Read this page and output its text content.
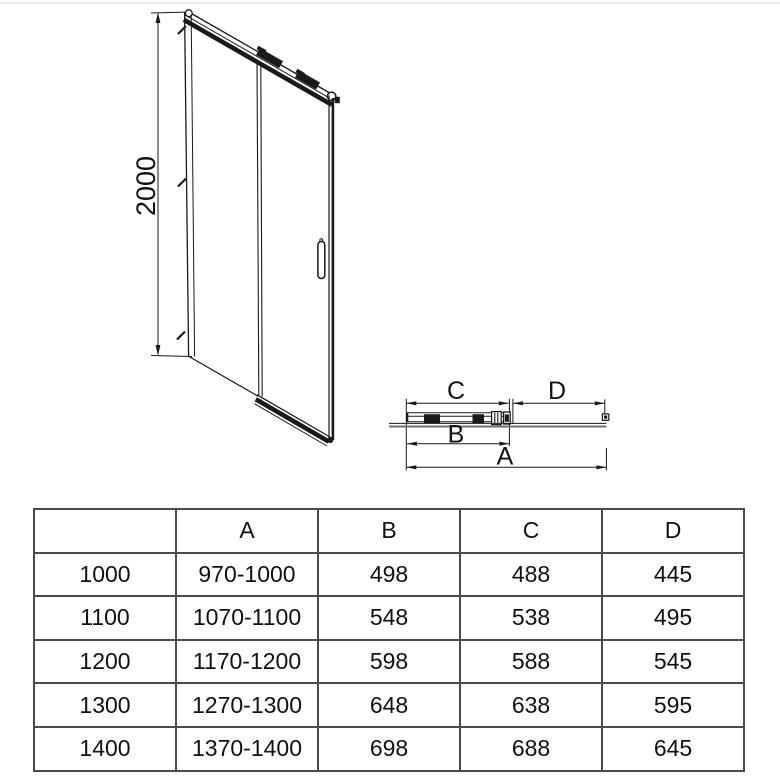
2000
C	D
B
A
	A	B	C	D
1000	970-1000	498	488	445
1100	1070-1100	548	538	495
1200	1170-1200	598	588	545
1300	1270-1300	648	638	595
1400	1370-1400	698	688	645
